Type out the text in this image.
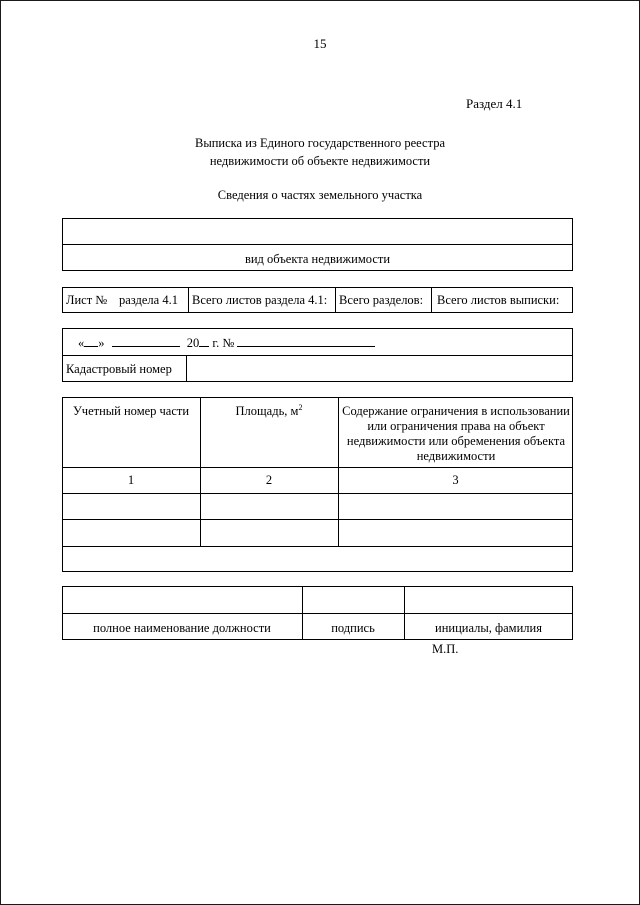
15
Раздел 4.1
Выписка из Единого государственного реестра
недвижимости об объекте недвижимости
Сведения о частях земельного участка
вид объекта недвижимости
Лист № раздела 4.1 Всего листов раздела 4.1: Всего разделов: Всего листов выписки:
« »	20 г. №
Кадастровый номер
Учетный номер части	Площадь, $м^2$	Содержание ограничения в использовании или ограничения права на объект недвижимости или обременения объекта недвижимости
1	2	3
полное наименование должности	подпись	инициалы, фамилия
М.П.
